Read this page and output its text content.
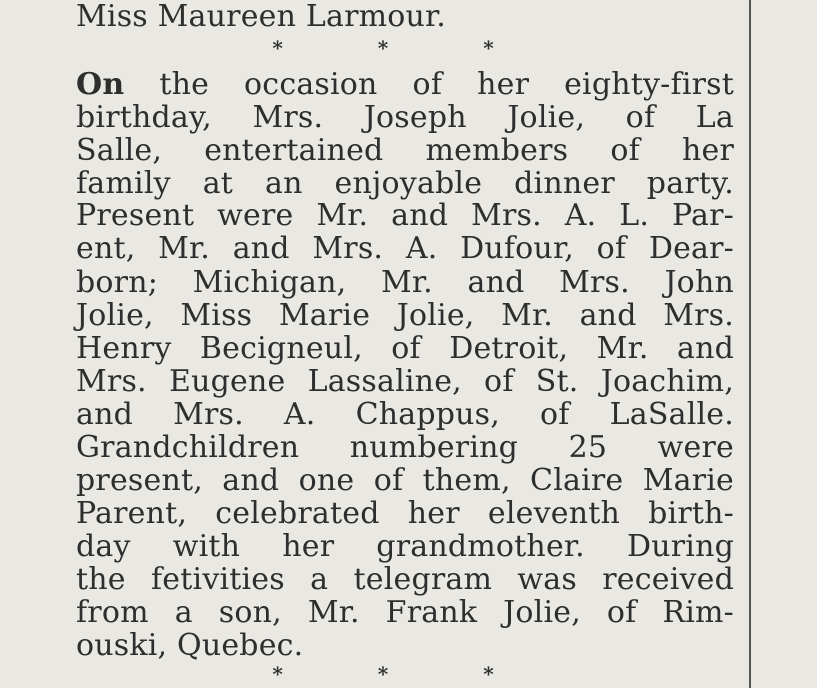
Miss Maureen Larmour.
* * *
On the occasion of her eighty-first
birthday, Mrs. Joseph Jolie, of La
Salle, entertained members of her
family at an enjoyable dinner party.
Present were Mr. and Mrs. A. L. Par-
ent, Mr. and Mrs. A. Dufour, of Dear-
born; Michigan, Mr. and Mrs. John
Jolie, Miss Marie Jolie, Mr. and Mrs.
Henry Becigneul, of Detroit, Mr. and
Mrs. Eugene Lassaline, of St. Joachim,
and Mrs. A. Chappus, of LaSalle.
Grandchildren numbering 25 were
present, and one of them, Claire Marie
Parent, celebrated her eleventh birth-
day with her grandmother. During
the fetivities a telegram was received
from a son, Mr. Frank Jolie, of Rim-
ouski, Quebec.
* * *
